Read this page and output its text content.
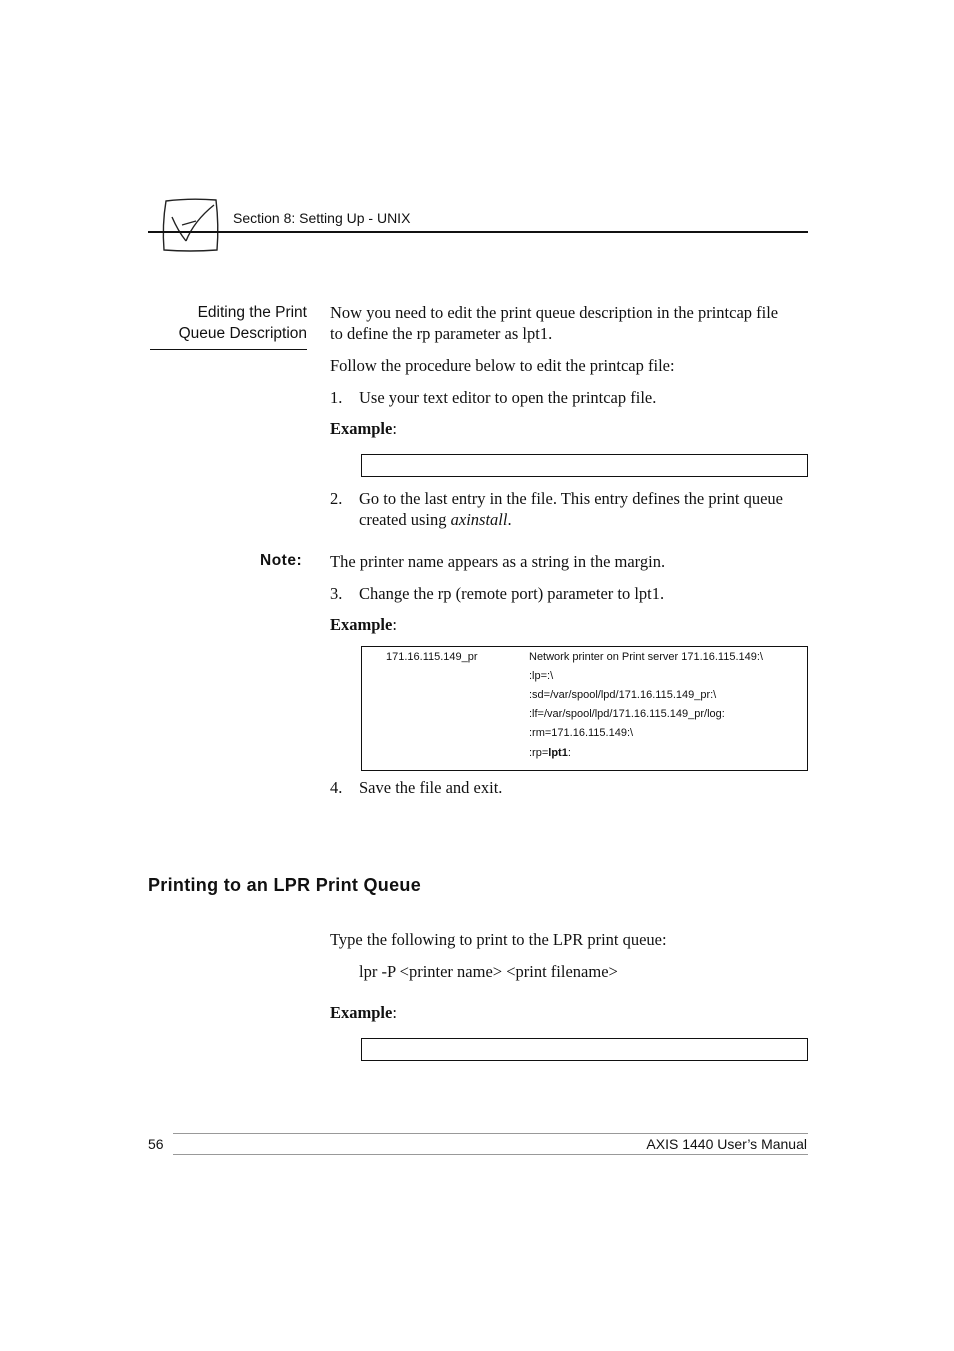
Section 8: Setting Up - UNIX
Editing the Print
Queue Description
Now you need to edit the print queue description in the printcap file
to define the rp parameter as lpt1.
Follow the procedure below to edit the printcap file:
1. Use your text editor to open the printcap file.
Example:
2. Go to the last entry in the file. This entry defines the print queue
created using axinstall.
Note: The printer name appears as a string in the margin.
3. Change the rp (remote port) parameter to lpt1.
Example:
171.16.115.149_pr	Network printer on Print server 171.16.115.149:\
:lp=:\
:sd=/var/spool/lpd/171.16.115.149_pr:\
:lf=/var/spool/lpd/171.16.115.149_pr/log:
:rm=171.16.115.149:\
:rp=lpt1:
4. Save the file and exit.
Printing to an LPR Print Queue
Type the following to print to the LPR print queue:
lpr -P <printer name> <print filename>
Example:
56	AXIS 1440 User’s Manual
